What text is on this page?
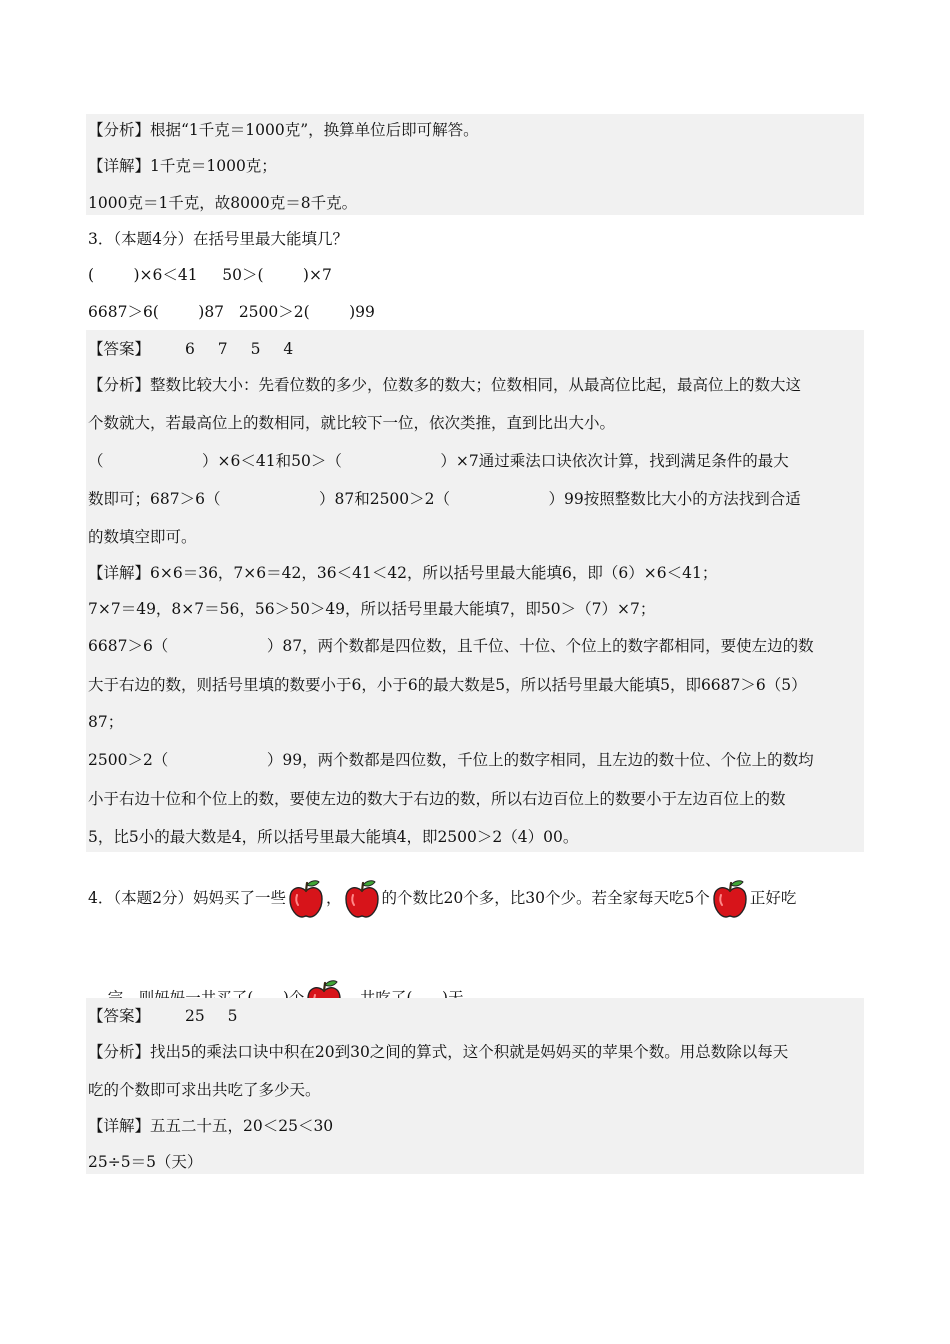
【分析】根据“1千克＝1000克”，换算单位后即可解答。
【详解】1千克＝1000克；
1000克＝1千克，故8000克＝8千克。
3．（本题4分）在括号里最大能填几？
(        )×6＜41     50＞(        )×7
6687＞6(        )87   2500＞2(        )99
【答案】 6 7 5 4
【分析】整数比较大小：先看位数的多少，位数多的数大；位数相同，从最高位比起，最高位上的数大这
个数就大，若最高位上的数相同，就比较下一位，依次类推，直到比出大小。
（                    ）×6＜41和50＞（                    ）×7通过乘法口诀依次计算，找到满足条件的最大
数即可；687＞6（                    ）87和2500＞2（                    ）99按照整数比大小的方法找到合适
的数填空即可。
【详解】6×6＝36，7×6＝42，36＜41＜42，所以括号里最大能填6，即（6）×6＜41；
7×7＝49，8×7＝56，56＞50＞49，所以括号里最大能填7，即50＞（7）×7；
6687＞6（                    ）87，两个数都是四位数，且千位、十位、个位上的数字都相同，要使左边的数
大于右边的数，则括号里填的数要小于6，小于6的最大数是5，所以括号里最大能填5，即6687＞6（5）
87；
2500＞2（                    ）99，两个数都是四位数，千位上的数字相同，且左边的数十位、个位上的数均
小于右边十位和个位上的数，要使左边的数大于右边的数，所以右边百位上的数要小于左边百位上的数
5，比5小的最大数是4，所以括号里最大能填4，即2500＞2（4）00。
4．（本题2分）妈妈买了一些	，	的个数比20个多，比30个少。若全家每天吃5个	正好吃

【答案】 25 5
【分析】找出5的乘法口诀中积在20到30之间的算式，这个积就是妈妈买的苹果个数。用总数除以每天
吃的个数即可求出共吃了多少天。
【详解】五五二十五，20＜25＜30
25÷5＝5（天）
